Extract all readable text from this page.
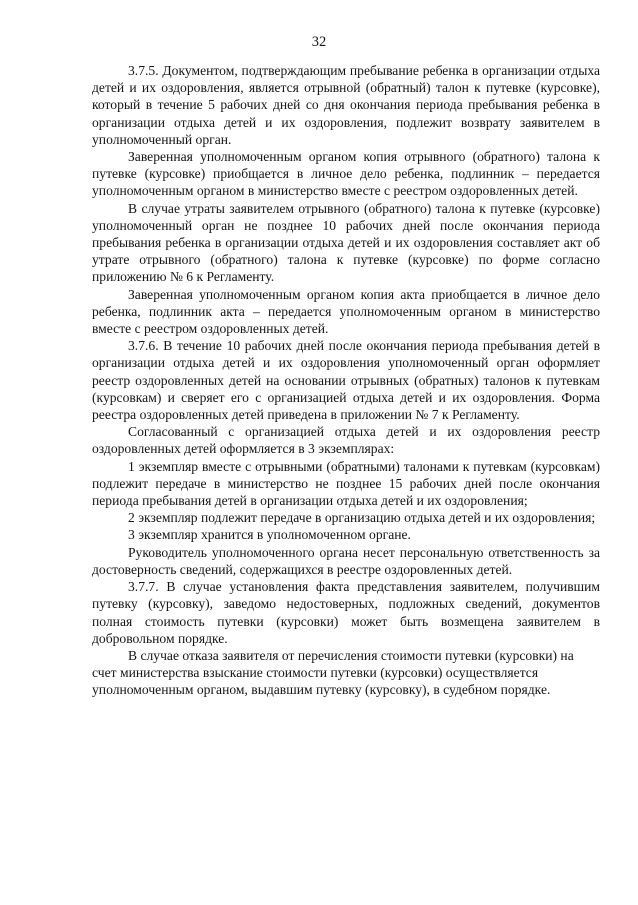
32

3.7.5. Документом, подтверждающим пребывание ребенка в организации отдыха детей и их оздоровления, является отрывной (обратный) талон к путевке (курсовке), который в течение 5 рабочих дней со дня окончания периода пребывания ребенка в организации отдыха детей и их оздоровления, подлежит возврату заявителем в уполномоченный орган.

Заверенная уполномоченным органом копия отрывного (обратного) талона к путевке (курсовке) приобщается в личное дело ребенка, подлинник – передается уполномоченным органом в министерство вместе с реестром оздоровленных детей.

В случае утраты заявителем отрывного (обратного) талона к путевке (курсовке) уполномоченный орган не позднее 10 рабочих дней после окончания периода пребывания ребенка в организации отдыха детей и их оздоровления составляет акт об утрате отрывного (обратного) талона к путевке (курсовке) по форме согласно приложению № 6 к Регламенту.

Заверенная уполномоченным органом копия акта приобщается в личное дело ребенка, подлинник акта – передается уполномоченным органом в министерство вместе с реестром оздоровленных детей.

3.7.6. В течение 10 рабочих дней после окончания периода пребывания детей в организации отдыха детей и их оздоровления уполномоченный орган оформляет реестр оздоровленных детей на основании отрывных (обратных) талонов к путевкам (курсовкам) и сверяет его с организацией отдыха детей и их оздоровления. Форма реестра оздоровленных детей приведена в приложении № 7 к Регламенту.

Согласованный с организацией отдыха детей и их оздоровления реестр оздоровленных детей оформляется в 3 экземплярах:

1 экземпляр вместе с отрывными (обратными) талонами к путевкам (курсовкам) подлежит передаче в министерство не позднее 15 рабочих дней после окончания периода пребывания детей в организации отдыха детей и их оздоровления;

2 экземпляр подлежит передаче в организацию отдыха детей и их оздоровления;

3 экземпляр хранится в уполномоченном органе.

Руководитель уполномоченного органа несет персональную ответственность за достоверность сведений, содержащихся в реестре оздоровленных детей.

3.7.7. В случае установления факта представления заявителем, получившим путевку (курсовку), заведомо недостоверных, подложных сведений, документов полная стоимость путевки (курсовки) может быть возмещена заявителем в добровольном порядке.

В случае отказа заявителя от перечисления стоимости путевки (курсовки) на счет министерства взыскание стоимости путевки (курсовки) осуществляется уполномоченным органом, выдавшим путевку (курсовку), в судебном порядке.
